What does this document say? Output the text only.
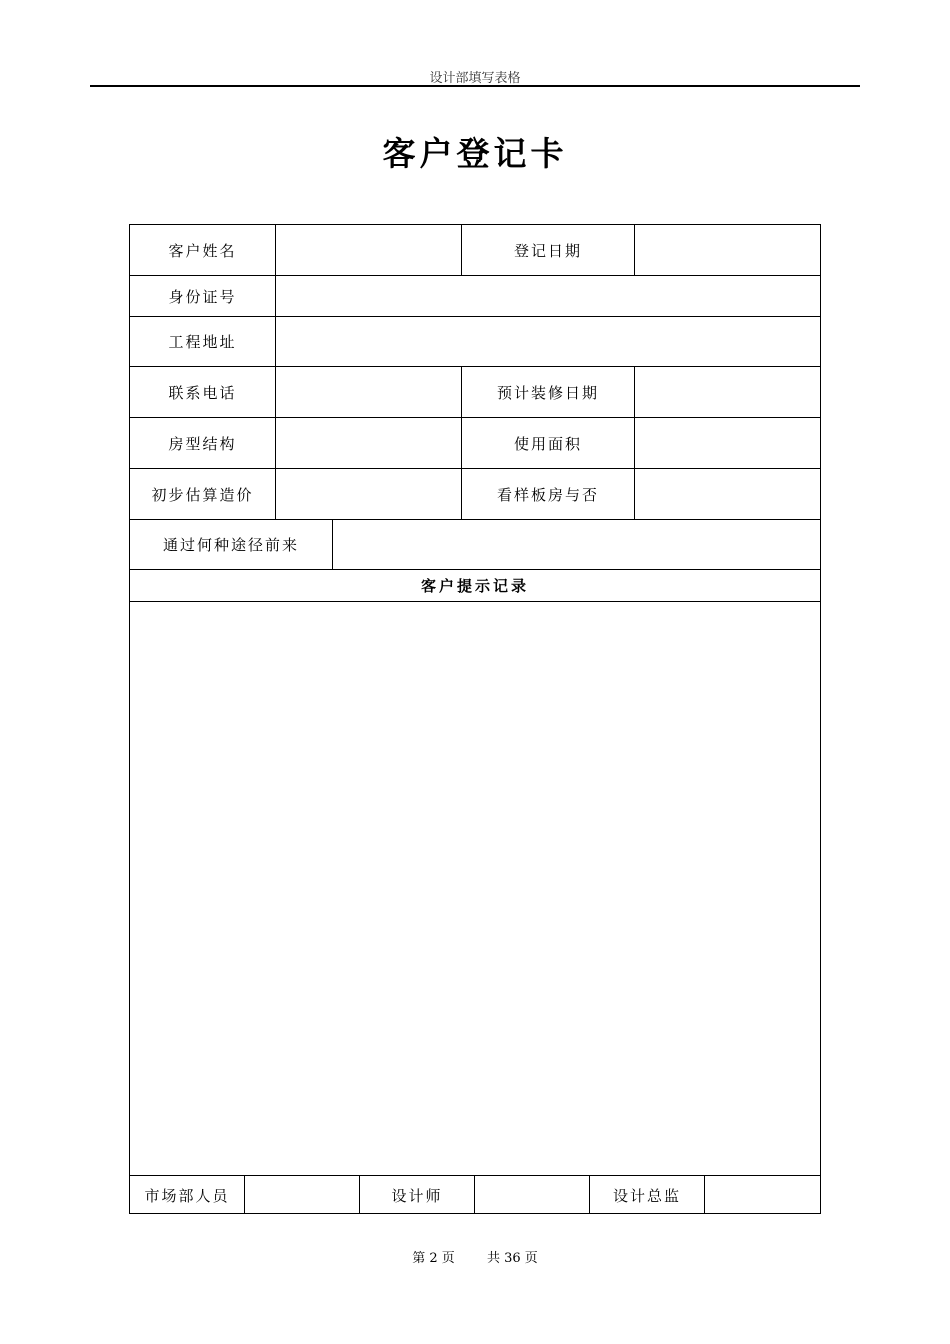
设计部填写表格
客户登记卡
客户姓名	登记日期
身份证号
工程地址
联系电话	预计装修日期
房型结构	使用面积
初步估算造价	看样板房与否
通过何种途径前来
客户提示记录
市场部人员	设计师	设计总监
第 2 页 共 36 页
